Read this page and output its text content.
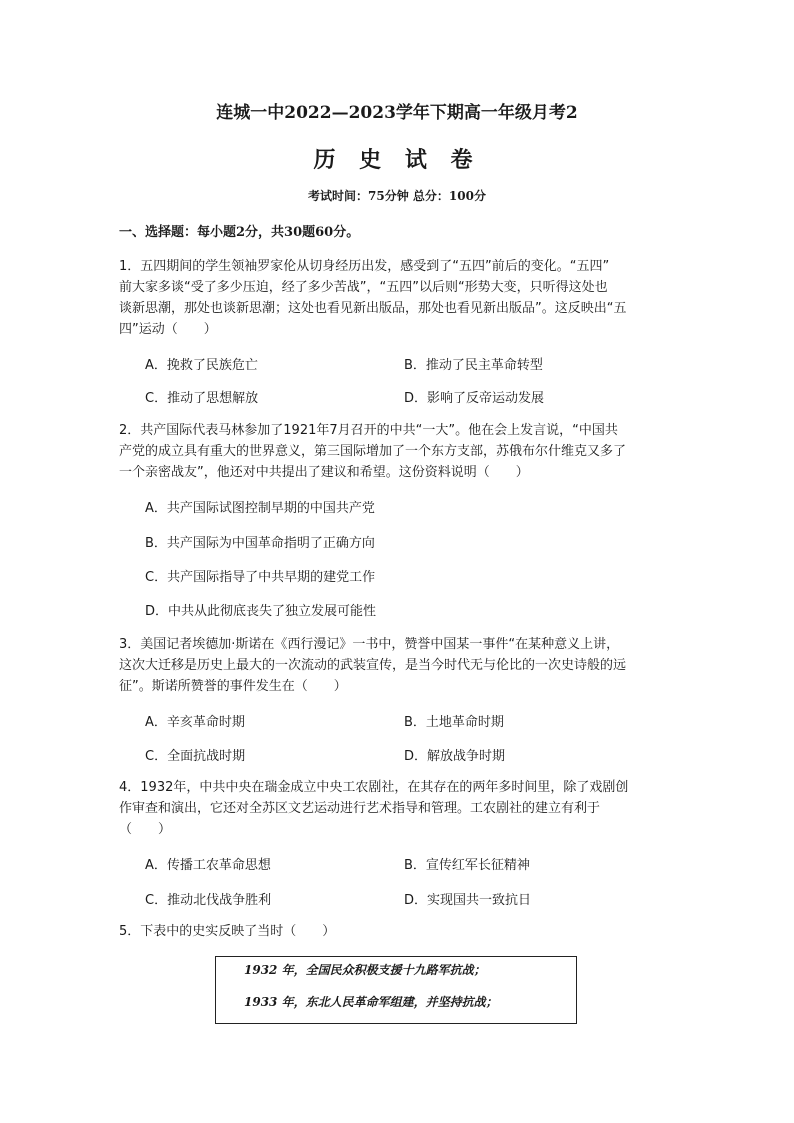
连城一中2022—2023学年下期高一年级月考2
历 史 试 卷
考试时间：75分钟 总分：100分
一、选择题：每小题2分，共30题60分。
1．五四期间的学生领袖罗家伦从切身经历出发，感受到了“五四”前后的变化。“五四”
前大家多谈“受了多少压迫，经了多少苦战”，“五四”以后则“形势大变，只听得这处也
谈新思潮，那处也谈新思潮；这处也看见新出版品，那处也看见新出版品”。这反映出“五
四”运动（　　）
A．挽救了民族危亡	B．推动了民主革命转型
C．推动了思想解放	D．影响了反帝运动发展
2．共产国际代表马林参加了1921年7月召开的中共“一大”。他在会上发言说，“中国共
产党的成立具有重大的世界意义，第三国际增加了一个东方支部，苏俄布尔什维克又多了
一个亲密战友”，他还对中共提出了建议和希望。这份资料说明（　　）
A．共产国际试图控制早期的中国共产党
B．共产国际为中国革命指明了正确方向
C．共产国际指导了中共早期的建党工作
D．中共从此彻底丧失了独立发展可能性
3．美国记者埃德加·斯诺在《西行漫记》一书中，赞誉中国某一事件“在某种意义上讲，
这次大迁移是历史上最大的一次流动的武装宣传，是当今时代无与伦比的一次史诗般的远
征”。斯诺所赞誉的事件发生在（　　）
A．辛亥革命时期	B．土地革命时期
C．全面抗战时期	D．解放战争时期
4．1932年，中共中央在瑞金成立中央工农剧社，在其存在的两年多时间里，除了戏剧创
作审查和演出，它还对全苏区文艺运动进行艺术指导和管理。工农剧社的建立有利于
（　　）
A．传播工农革命思想	B．宣传红军长征精神
C．推动北伐战争胜利	D．实现国共一致抗日
5．下表中的史实反映了当时（　　）
1932 年，全国民众积极支援十九路军抗战；
1933 年，东北人民革命军组建，并坚持抗战；
